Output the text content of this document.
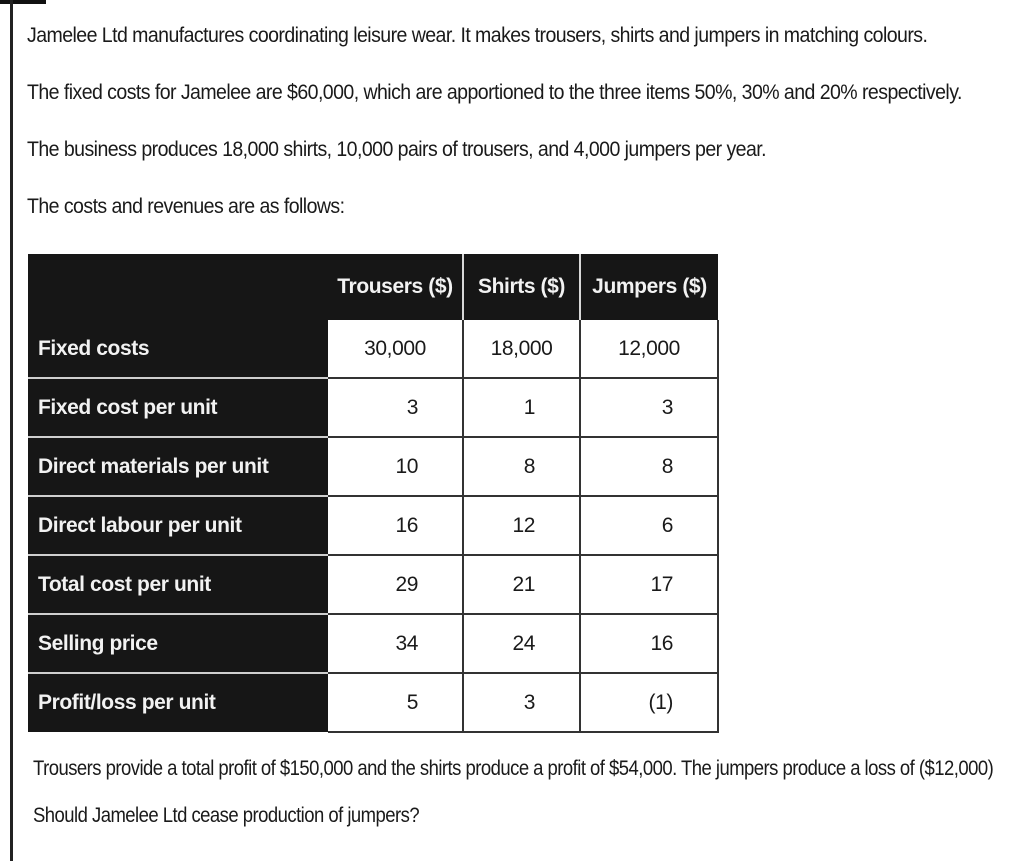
Jamelee Ltd manufactures coordinating leisure wear. It makes trousers, shirts and jumpers in matching colours.
The fixed costs for Jamelee are $60,000, which are apportioned to the three items 50%, 30% and 20% respectively.
The business produces 18,000 shirts, 10,000 pairs of trousers, and 4,000 jumpers per year.
The costs and revenues are as follows:
	Trousers ($)	Shirts ($)	Jumpers ($)
Fixed costs	30,000	18,000	12,000
Fixed cost per unit	3	1	3
Direct materials per unit	10	8	8
Direct labour per unit	16	12	6
Total cost per unit	29	21	17
Selling price	34	24	16
Profit/loss per unit	5	3	(1)
Trousers provide a total profit of $150,000 and the shirts produce a profit of $54,000. The jumpers produce a loss of ($12,000)
Should Jamelee Ltd cease production of jumpers?
